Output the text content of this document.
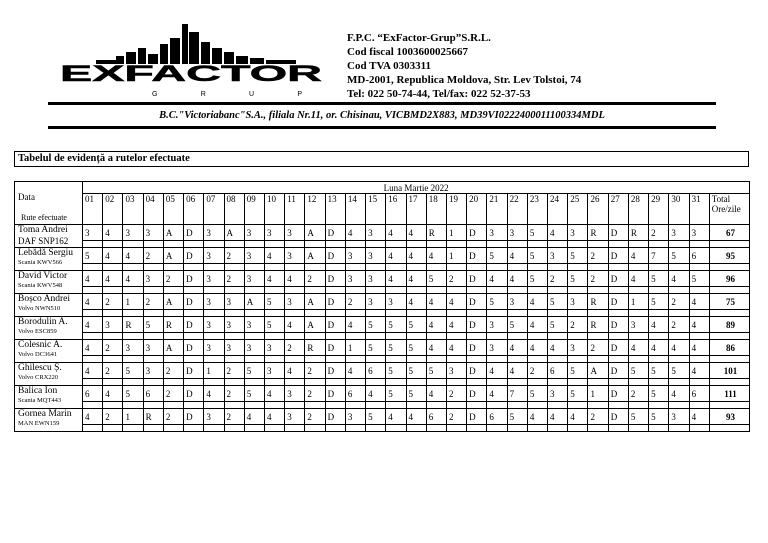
EXFACTOR
G R U P
F.P.C. “ExFactor-Grup”S.R.L.
Cod fiscal 1003600025667
Cod TVA 0303311
MD-2001, Republica Moldova, Str. Lev Tolstoi, 74
Tel: 022 50-74-44, Tel/fax: 022 52-37-53
B.C."Victoriabanc"S.A., filiala Nr.11, or. Chisinau, VICBMD2X883, MD39VI0222400011100334MDL
Tabelul de evidență a rutelor efectuate
Data
Rute efectuate	Luna Martie 2022																															
	01	02	03	04	05	06	07	08	09	10	11	12	13	14	15	16	17	18	19	20	21	22	23	24	25	26	27	28	29	30	31	Total Ore/zile

Toma Andrei
DAF SNP162	3	4	3	3	A	D	3	A	3	3	3	A	D	4	3	4	4	R	1	D	3	3	5	4	3	R	D	R	2	3	3	67

Lebădă Sergiu
Scania KWV566	5	4	4	2	A	D	3	2	3	4	3	A	D	3	3	4	4	4	1	D	5	4	5	3	5	2	D	4	7	5	6	95

David Victor
Scania KWV548	4	4	4	3	2	D	3	2	3	4	4	2	D	3	3	4	4	5	2	D	4	4	5	2	5	2	D	4	5	4	5	96

Boșco Andrei
Volvo NWN510	4	2	1	2	A	D	3	3	A	5	3	A	D	2	3	3	4	4	4	D	5	3	4	5	3	R	D	1	5	2	4	75

Borodulin A.
Volvo ESC859	4	3	R	5	R	D	3	3	3	5	4	A	D	4	5	5	5	4	4	D	3	5	4	5	2	R	D	3	4	2	4	89

Colesnic A.
Volvo DC3641	4	2	3	3	A	D	3	3	3	3	2	R	D	1	5	5	5	4	4	D	3	4	4	4	3	2	D	4	4	4	4	86

Ghilescu Ș.
Volvo CRX220	4	2	5	3	2	D	1	2	5	3	4	2	D	4	6	5	5	5	3	D	4	4	2	6	5	A	D	5	5	5	4	101

Balica Ion
Scania MQT443	6	4	5	6	2	D	4	2	5	4	3	2	D	6	4	5	5	4	2	D	4	7	5	3	5	1	D	2	5	4	6	111

Gornea Marin
MAN EWN159	4	2	1	R	2	D	3	2	4	4	3	2	D	3	5	4	4	6	2	D	6	5	4	4	4	2	D	5	5	3	4	93
